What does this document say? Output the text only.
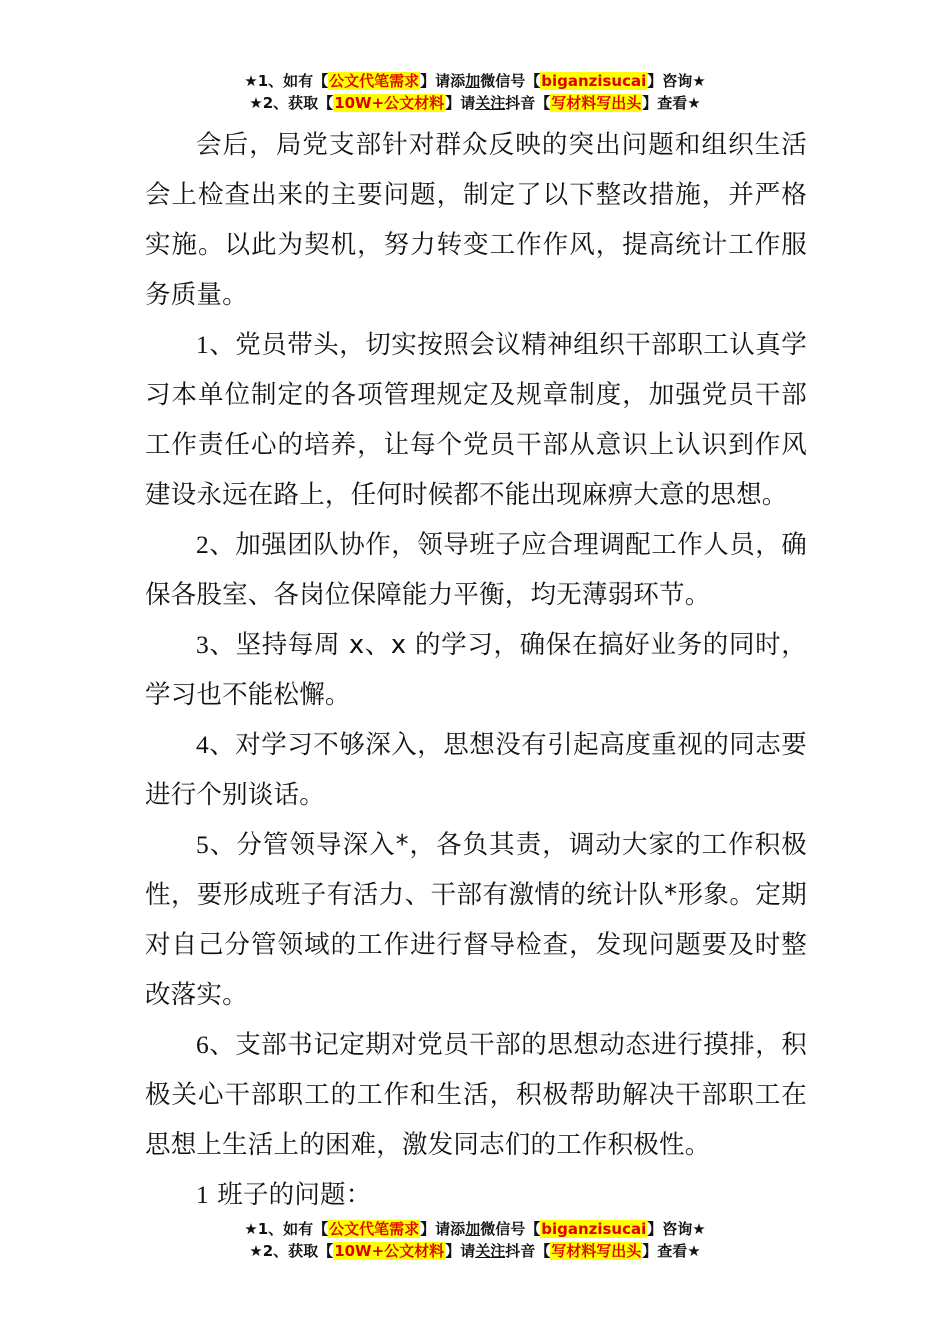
★1、如有【公文代笔需求】请添加微信号【biganzisucai】咨询★
★2、获取【10W+公文材料】请关注抖音【写材料写出头】查看★

会后，局党支部针对群众反映的突出问题和组织生活会上检查出来的主要问题，制定了以下整改措施，并严格实施。以此为契机，努力转变工作作风，提高统计工作服务质量。

1、党员带头，切实按照会议精神组织干部职工认真学习本单位制定的各项管理规定及规章制度，加强党员干部工作责任心的培养，让每个党员干部从意识上认识到作风建设永远在路上，任何时候都不能出现麻痹大意的思想。

2、加强团队协作，领导班子应合理调配工作人员，确保各股室、各岗位保障能力平衡，均无薄弱环节。

3、坚持每周 x、x 的学习，确保在搞好业务的同时，学习也不能松懈。

4、对学习不够深入，思想没有引起高度重视的同志要进行个别谈话。

5、分管领导深入*，各负其责，调动大家的工作积极性，要形成班子有活力、干部有激情的统计队*形象。定期对自己分管领域的工作进行督导检查，发现问题要及时整改落实。

6、支部书记定期对党员干部的思想动态进行摸排，积极关心干部职工的工作和生活，积极帮助解决干部职工在思想上生活上的困难，激发同志们的工作积极性。

1 班子的问题：

★1、如有【公文代笔需求】请添加微信号【biganzisucai】咨询★
★2、获取【10W+公文材料】请关注抖音【写材料写出头】查看★
